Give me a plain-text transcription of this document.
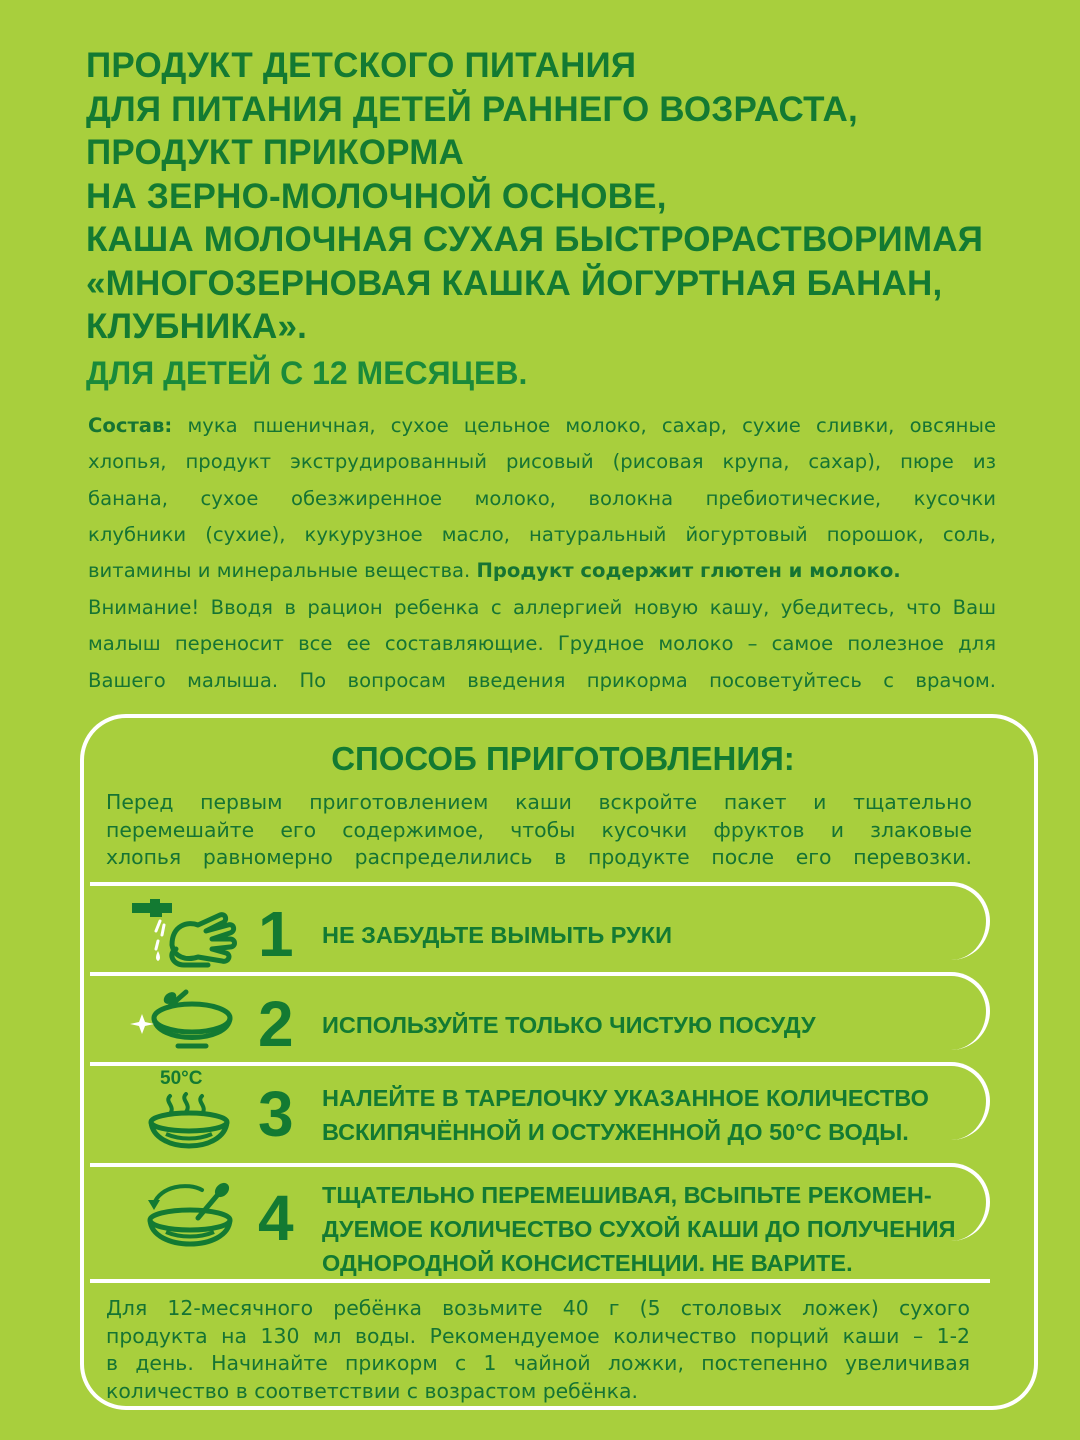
ПРОДУКТ ДЕТСКОГО ПИТАНИЯ
ДЛЯ ПИТАНИЯ ДЕТЕЙ РАННЕГО ВОЗРАСТА,
ПРОДУКТ ПРИКОРМА
НА ЗЕРНО-МОЛОЧНОЙ ОСНОВЕ,
КАША МОЛОЧНАЯ СУХАЯ БЫСТРОРАСТВОРИМАЯ
«МНОГОЗЕРНОВАЯ КАШКА ЙОГУРТНАЯ БАНАН,
КЛУБНИКА».
ДЛЯ ДЕТЕЙ С 12 МЕСЯЦЕВ.
Состав: мука пшеничная, сухое цельное молоко, сахар, сухие сливки, овсяные
хлопья, продукт экструдированный рисовый (рисовая крупа, сахар), пюре из
банана, сухое обезжиренное молоко, волокна пребиотические, кусочки
клубники (сухие), кукурузное масло, натуральный йогуртовый порошок, соль,
витамины и минеральные вещества. Продукт содержит глютен и молоко.
Внимание! Вводя в рацион ребенка с аллергией новую кашу, убедитесь, что Ваш
малыш переносит все ее составляющие. Грудное молоко – самое полезное для
Вашего малыша. По вопросам введения прикорма посоветуйтесь с врачом.
СПОСОБ ПРИГОТОВЛЕНИЯ:
Перед первым приготовлением каши вскройте пакет и тщательно
перемешайте его содержимое, чтобы кусочки фруктов и злаковые
хлопья равномерно распределились в продукте после его перевозки.
1 НЕ ЗАБУДЬТЕ ВЫМЫТЬ РУКИ
2 ИСПОЛЬЗУЙТЕ ТОЛЬКО ЧИСТУЮ ПОСУДУ
50°C 3 НАЛЕЙТЕ В ТАРЕЛОЧКУ УКАЗАННОЕ КОЛИЧЕСТВО
ВСКИПЯЧЁННОЙ И ОСТУЖЕННОЙ ДО 50°С ВОДЫ.
4 ТЩАТЕЛЬНО ПЕРЕМЕШИВАЯ, ВСЫПЬТЕ РЕКОМЕН-
ДУЕМОЕ КОЛИЧЕСТВО СУХОЙ КАШИ ДО ПОЛУЧЕНИЯ
ОДНОРОДНОЙ КОНСИСТЕНЦИИ. НЕ ВАРИТЕ.
Для 12-месячного ребёнка возьмите 40 г (5 столовых ложек) сухого
продукта на 130 мл воды. Рекомендуемое количество порций каши – 1-2
в день. Начинайте прикорм с 1 чайной ложки, постепенно увеличивая
количество в соответствии с возрастом ребёнка.
